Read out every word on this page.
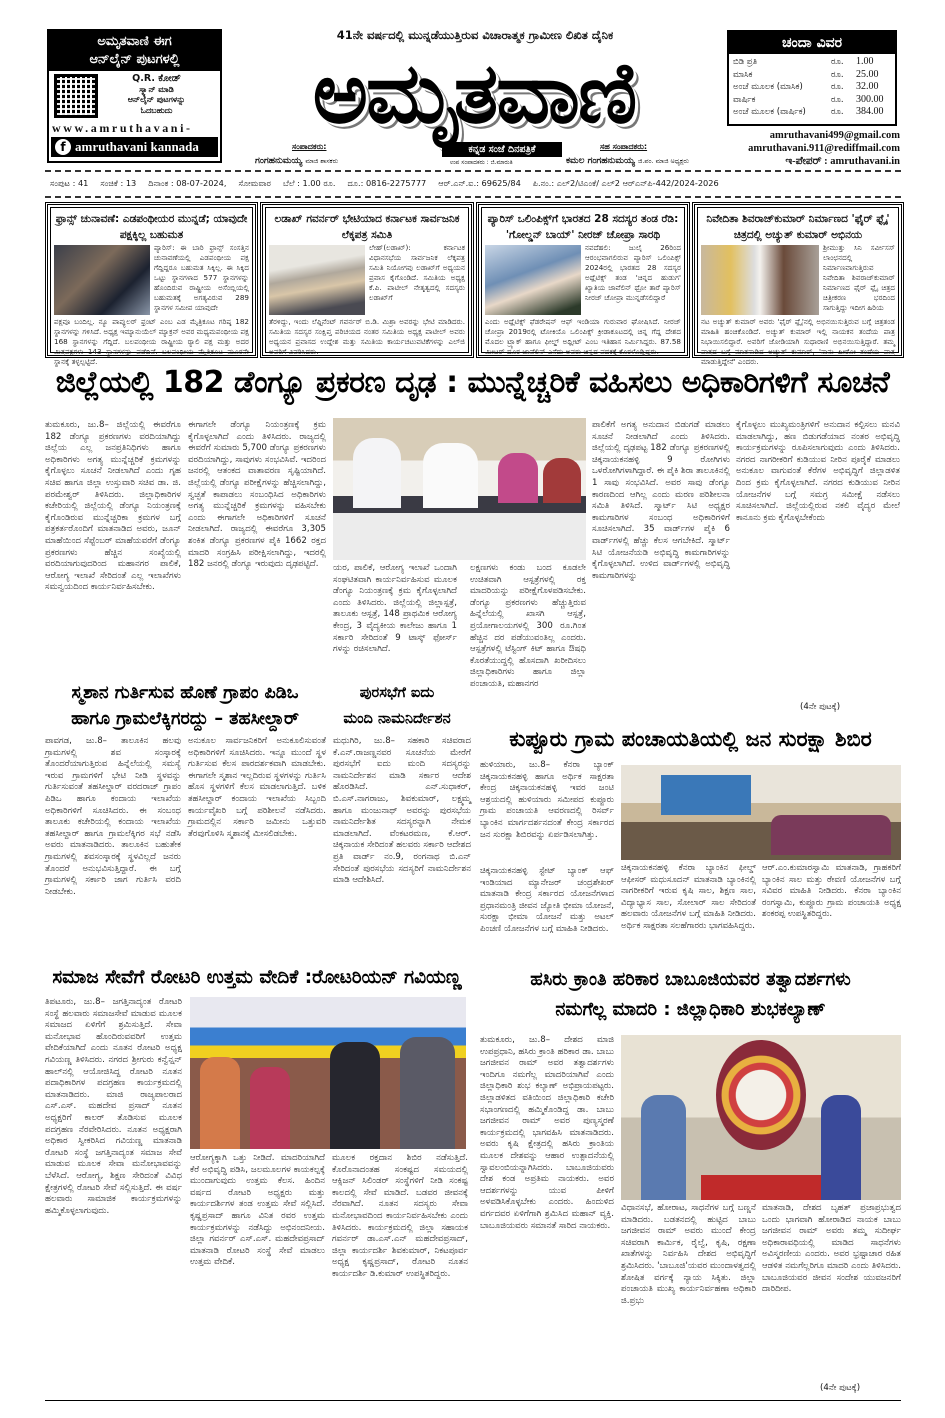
ಅಮೃತವಾಣಿ ಈಗ
ಆನ್‌ಲೈನ್ ಪುಟಗಳಲ್ಲಿ
Q.R. ಕೋಡ್
ಸ್ಕ್ಯಾನ್ ಮಾಡಿ
ಆನ್‌ಲೈನ್ ಪುಟಗಳನ್ನು
ಓದಬಹುದು
www.amruthavani-
f amruthavani kannada
41ನೇ ವರ್ಷದಲ್ಲಿ ಮುನ್ನಡೆಯುತ್ತಿರುವ ವಿಚಾರಾತ್ಮಕ ಗ್ರಾಮೀಣ ಲಿಖಿತ ದೈನಿಕ
ಅಮೃತವಾಣಿ
ಸಂಪಾದಕರು:
ಗಂಗಹನುಮಯ್ಯ ಮಾಜಿ ಶಾಸಕರು
ಕನ್ನಡ ಸಂಜೆ ದಿನಪತ್ರಿಕೆ
ಉಪ ಸಂಪಾದಕರು : ಜಿ.ಮಾರುತಿ
ಸಹ ಸಂಪಾದಕರು:
ಕಮಲ ಗಂಗಹನುಮಯ್ಯ ಜಿ.ಪಂ. ಮಾಜಿ ಅಧ್ಯಕ್ಷರು
ಚಂದಾ ವಿವರ
ಬಿಡಿ ಪ್ರತಿ	ರೂ.	1.00
ಮಾಸಿಕ	ರೂ.	25.00
ಅಂಚೆ ಮೂಲಕ (ಮಾಸಿಕ)	ರೂ.	32.00
ವಾರ್ಷಿಕ	ರೂ.	300.00
ಅಂಚೆ ಮೂಲಕ (ವಾರ್ಷಿಕ)	ರೂ.	384.00
amruthavani499@gmail.com
amruthavani.911@rediffmail.com
ಇ-ಪೇಪರ್ : amruthavani.in
ಸಂಪುಟ : 41 ಸಂಚಿಕೆ : 13 ದಿನಾಂಕ : 08-07-2024, ಸೋಮವಾರ ಬೆಲೆ : 1.00 ರೂ. ದೂ.: 0816-2275777 ಆರ್.ಎನ್.ಐ.: 69625/84 ಪಿ.ನಂ.: ಎಲ್2/ಟಿಎಂಕೆ/ ಎಲ್2 ಆರ್‌ಎನ್‌ಪಿ-442/2024-2026
ಫ್ರಾನ್ಸ್ ಚುನಾವಣೆ: ಎಡಪಂಥೀಯರ ಮುನ್ನಡೆ; ಯಾವುದೇ ಪಕ್ಷಕ್ಕಿಲ್ಲ ಬಹುಮತ
ಪ್ಯಾರಿಸ್: ಈ ಬಾರಿ ಫ್ರಾನ್ಸ್ ಸಂಸತ್ತಿನ ಚುನಾವಣೆಯಲ್ಲಿ ಎಡಪಂಥೀಯ ಪಕ್ಷ ಗೆದ್ದಿದ್ದರೂ ಬಹುಮತ ಸಿಕ್ಕಿಲ್ಲ. ಈ ಸಿಕ್ಕಿದ ಒಟ್ಟು ಸ್ಥಾನಗಳಾದ 577 ಸ್ಥಾನಗಳನ್ನು ಹೊಂದಿರುವ ರಾಷ್ಟ್ರೀಯ ಅಸೆಂಬ್ಲಿಯಲ್ಲಿ ಬಹುಮತಕ್ಕೆ ಅಗತ್ಯವಿರುವ 289 ಸ್ಥಾನಗಳ ಸಮೀಪ ಯಾವುದೇ
ಪಕ್ಷವೂ ಬಂದಿಲ್ಲ. ನ್ಯೂ ಪಾಪ್ಯುಲರ್ ಫ್ರಂಟ್ ಎಂಬ ಎಡ ಮೈತ್ರಿಕೂಟ ಗರಿಷ್ಠ 182 ಸ್ಥಾನಗಳನ್ನು ಗಳಿಸಿದೆ. ಅಧ್ಯಕ್ಷ ಇಮ್ಯಾನುಯೆಲ್ ಮ್ಯಾಕ್ರನ್ ಅವರ ಮಧ್ಯಮಪಂಥೀಯ ಪಕ್ಷ 168 ಸ್ಥಾನಗಳನ್ನು ಗೆದ್ದಿದೆ. ಬಲಪಂಥೀಯ ರಾಷ್ಟ್ರೀಯ ರ್‍ಯಾಲಿ ಪಕ್ಷ ಮತ್ತು ಅದರ ಮಿತ್ರಪಕ್ಷಗಳು 143 ಸ್ಥಾನಗಳನ್ನು ಪಡೆದಿವೆ. ಬಲಪಂಥೀಯ ಮೈತ್ರಿಕೂಟ ಮೂರನೇ ಸ್ಥಾನಕ್ಕೆ ತಳ್ಳಲ್ಪಟ್ಟಿದೆ.
ಲಡಾಖ್ ಗವರ್ನರ್ ಭೇಟಿಯಾದ ಕರ್ನಾಟಕ ಸಾರ್ವಜನಿಕ ಲೆಕ್ಕಪತ್ರ ಸಮಿತಿ
ಲೇಹ್(ಲಡಾಖ್): ಕರ್ನಾಟಕ ವಿಧಾನಸಭೆಯ ಸಾರ್ವಜನಿಕ ಲೆಕ್ಕಪತ್ರ ಸಮಿತಿ ನಿಯೋಗವು ಲಡಾಖ್‌ಗೆ ಅಧ್ಯಯನ ಪ್ರವಾಸ ಕೈಗೊಂಡಿದೆ. ಸಮಿತಿಯ ಅಧ್ಯಕ್ಷ ಕೆ.ಪಿ. ಪಾಟೀಲ್ ನೇತೃತ್ವದಲ್ಲಿ ಸದಸ್ಯರು ಲಡಾಖ್‌ಗೆ
ತೆರಳಿದ್ದು, ಇಂದು ಲೆಫ್ಟಿನೆಂಟ್ ಗವರ್ನರ್ ಬಿ.ಡಿ. ಮಿಶ್ರಾ ಅವರನ್ನು ಭೇಟಿ ಮಾಡಿದರು. ಸಮಿತಿಯ ಸದಸ್ಯರ ಸಂಕ್ಷಿಪ್ತ ಪರಿಚಯದ ನಂತರ ಸಮಿತಿಯ ಅಧ್ಯಕ್ಷ ಪಾಟೀಲ್ ಅವರು ಅಧ್ಯಯನ ಪ್ರವಾಸದ ಉದ್ದೇಶ ಮತ್ತು ಸಮಿತಿಯ ಕಾರ್ಯಚಟುವಟಿಕೆಗಳನ್ನು ಎಲ್‌ಜಿ ಅವರಿಗೆ ವಿವರಿಸಿದರು.
ಪ್ಯಾರಿಸ್ ಒಲಿಂಪಿಕ್ಸ್‌ಗೆ ಭಾರತದ 28 ಸದಸ್ಯರ ತಂಡ ರೆಡಿ: 'ಗೋಲ್ಡನ್ ಬಾಯ್' ನೀರಜ್ ಚೋಪ್ರಾ ಸಾರಥಿ
ನವದೆಹಲಿ: ಜುಲೈ 26ರಿಂದ ಆರಂಭವಾಗಲಿರುವ ಪ್ಯಾರಿಸ್ ಒಲಿಂಪಿಕ್ಸ್ 2024ರಲ್ಲಿ ಭಾರತದ 28 ಸದಸ್ಯರ ಅಥ್ಲೆಟಿಕ್ಸ್ ತಂಡ 'ಚಿನ್ನದ ಹುಡುಗ' ಖ್ಯಾತಿಯ ಜಾವೆಲಿನ್ ಥ್ರೋ ತಾರೆ ಪ್ಯಾರಿಸ್ ನೀರಜ್ ಚೋಪ್ರಾ ಮುನ್ನಡೆಸಲಿದ್ದಾರೆ
ಎಂದು ಅಥ್ಲೆಟಿಕ್ಸ್ ಫೆಡರೇಷನ್ ಆಫ್ ಇಂಡಿಯಾ ಗುರುವಾರ ಘೋಷಿಸಿದೆ. ನೀರಜ್ ಚೋಪ್ರಾ 2019ರಲ್ಲಿ ಟೋಕಿಯೊ ಒಲಿಂಪಿಕ್ಸ್ ಕ್ರೀಡಾಕೂಟದಲ್ಲಿ ಚಿನ್ನ ಗೆದ್ದ ದೇಶದ ಮೊದಲ ಟ್ರ್ಯಾಕ್ ಹಾಗೂ ಫೀಲ್ಡ್ ಅಥ್ಲೀಟ್ ಎಂಬ ಇತಿಹಾಸ ನಿರ್ಮಿಸಿದ್ದರು. 87.58 ಮೀಟರ್ ದೂರ ಜಾವೆಲಿನ್ ಎಸೆದು ಅವರು ಚಿನ್ನದ ಪದಕಕ್ಕೆ ಕೊರಳೊಡ್ಡಿದ್ದರು.
ನಿವೇದಿತಾ ಶಿವರಾಜ್‌ಕುಮಾರ್ ನಿರ್ಮಾಣದ 'ಫೈರ್ ಫ್ಲೈ' ಚಿತ್ರದಲ್ಲಿ ಅಚ್ಯುತ್ ಕುಮಾರ್ ಅಭಿನಯ
ಶ್ರೀಮುತ್ತು ಸಿನಿ ಸರ್ವೀಸಸ್ ಲಾಂಛನದಲ್ಲಿ ನಿರ್ಮಾಣವಾಗುತ್ತಿರುವ ನಿವೇದಿತಾ ಶಿವರಾಜ್‌ಕುಮಾರ್ ನಿರ್ಮಾಣದ ಫೈರ್ ಫ್ಲೈ ಚಿತ್ರದ ಚಿತ್ರೀಕರಣ ಭರದಿಂದ ಸಾಗುತ್ತಿದ್ದು ಇದೀಗ ಹಿರಿಯ
ನಟ ಅಚ್ಯುತ್ ಕುಮಾರ್ ಅವರು 'ಫೈರ್ ಫ್ಲೈ'ನಲ್ಲಿ ಅಭಿನಯಿಸುತ್ತಿರುವ ಬಗ್ಗೆ ಚಿತ್ರತಂಡ ಮಾಹಿತಿ ಹಂಚಿಕೊಂಡಿದೆ. ಅಚ್ಯುತ್ ಕುಮಾರ್ ಇಲ್ಲಿ ನಾಯಕನ ತಂದೆಯ ಪಾತ್ರ ನಿಭಾಯಿಸಲಿದ್ದಾರೆ. ಅವರಿಗೆ ಜೋಡಿಯಾಗಿ ಸುಧಾರಾಣಿ ಅಭಿನಯಿಸುತ್ತಿದ್ದಾರೆ. ತಮ್ಮ ಪಾತ್ರದ ಬಗ್ಗೆ ಮಾತನಾಡಿದ ಅಚ್ಯುತ್ ಕುಮಾರ್, 'ನಾನು ಹೀರೋ ತಂದೆಯ ಪಾತ್ರ ಮಾಡುತ್ತಿದ್ದೇನೆ' ಎಂದರು.
ಜಿಲ್ಲೆಯಲ್ಲಿ 182 ಡೆಂಗ್ಯೂ ಪ್ರಕರಣ ದೃಢ : ಮುನ್ನೆಚ್ಚರಿಕೆ ವಹಿಸಲು ಅಧಿಕಾರಿಗಳಿಗೆ ಸೂಚನೆ
ತುಮಕೂರು, ಜು.8– ಜಿಲ್ಲೆಯಲ್ಲಿ ಈವರೆಗೂ 182 ಡೆಂಗ್ಯೂ ಪ್ರಕರಣಗಳು ವರದಿಯಾಗಿದ್ದು ಜಿಲ್ಲೆಯ ಎಲ್ಲ ಜನಪ್ರತಿನಿಧಿಗಳು ಹಾಗೂ ಅಧಿಕಾರಿಗಳು ಅಗತ್ಯ ಮುನ್ನೆಚ್ಚರಿಕೆ ಕ್ರಮಗಳನ್ನು ಕೈಗೊಳ್ಳಲು ಸೂಚನೆ ನೀಡಲಾಗಿದೆ ಎಂದು ಗೃಹ ಸಚಿವ ಹಾಗೂ ಜಿಲ್ಲಾ ಉಸ್ತುವಾರಿ ಸಚಿವ ಡಾ. ಜಿ. ಪರಮೇಶ್ವರ್ ತಿಳಿಸಿದರು. ಜಿಲ್ಲಾಧಿಕಾರಿಗಳ ಕಚೇರಿಯಲ್ಲಿ ಜಿಲ್ಲೆಯಲ್ಲಿ ಡೆಂಗ್ಯೂ ನಿಯಂತ್ರಣಕ್ಕೆ ಕೈಗೊಂಡಿರುವ ಮುನ್ನೆಚ್ಚರಿಕಾ ಕ್ರಮಗಳ ಬಗ್ಗೆ ಪತ್ರಕರ್ತರೊಂದಿಗೆ ಮಾತನಾಡಿದ ಅವರು, ಜೂನ್ ಮಾಹೆಯಿಂದ ಸೆಪ್ಟೆಂಬರ್ ಮಾಹೆಯವರೆಗೆ ಡೆಂಗ್ಯೂ ಪ್ರಕರಣಗಳು ಹೆಚ್ಚಿನ ಸಂಖ್ಯೆಯಲ್ಲಿ ವರದಿಯಾಗುವುದರಿಂದ ಮಹಾನಗರ ಪಾಲಿಕೆ, ಆರೋಗ್ಯ ಇಲಾಖೆ ಸೇರಿದಂತೆ ಎಲ್ಲ ಇಲಾಖೆಗಳು ಸಮನ್ವಯದಿಂದ ಕಾರ್ಯನಿರ್ವಹಿಸಬೇಕು.
ಈಗಾಗಲೇ ಡೆಂಗ್ಯೂ ನಿಯಂತ್ರಣಕ್ಕೆ ಕ್ರಮ ಕೈಗೊಳ್ಳಲಾಗಿದೆ ಎಂದು ತಿಳಿಸಿದರು. ರಾಜ್ಯದಲ್ಲಿ ಈವರೆಗೆ ಸುಮಾರು 5,700 ಡೆಂಗ್ಯೂ ಪ್ರಕರಣಗಳು ವರದಿಯಾಗಿದ್ದು, ಸಾವುಗಳು ಸಂಭವಿಸಿವೆ. ಇದರಿಂದ ಜನರಲ್ಲಿ ಆತಂಕದ ವಾತಾವರಣ ಸೃಷ್ಟಿಯಾಗಿದೆ. ಜಿಲ್ಲೆಯಲ್ಲಿ ಡೆಂಗ್ಯೂ ಪರೀಕ್ಷೆಗಳನ್ನು ಹೆಚ್ಚಿಸಲಾಗಿದ್ದು, ಸ್ವಚ್ಛತೆ ಕಾಪಾಡಲು ಸಂಬಂಧಿಸಿದ ಅಧಿಕಾರಿಗಳು ಅಗತ್ಯ ಮುನ್ನೆಚ್ಚರಿಕೆ ಕ್ರಮಗಳನ್ನು ವಹಿಸಬೇಕು ಎಂದು ಈಗಾಗಲೇ ಅಧಿಕಾರಿಗಳಿಗೆ ಸೂಚನೆ ನೀಡಲಾಗಿದೆ. ರಾಜ್ಯದಲ್ಲಿ ಈವರೆಗೂ 3,305 ಶಂಕಿತ ಡೆಂಗ್ಯೂ ಪ್ರಕರಣಗಳ ಪೈಕಿ 1662 ರಕ್ತದ ಮಾದರಿ ಸಂಗ್ರಹಿಸಿ ಪರೀಕ್ಷಿಸಲಾಗಿದ್ದು, ಇದರಲ್ಲಿ 182 ಜನರಲ್ಲಿ ಡೆಂಗ್ಯೂ ಇರುವುದು ದೃಢಪಟ್ಟಿದೆ.	ಯರ, ಪಾಲಿಕೆ, ಆರೋಗ್ಯ ಇಲಾಖೆ ಒಂದಾಗಿ ಸಂಘಟಿತವಾಗಿ ಕಾರ್ಯನಿರ್ವಹಿಸುವ ಮೂಲಕ ಡೆಂಗ್ಯೂ ನಿಯಂತ್ರಣಕ್ಕೆ ಕ್ರಮ ಕೈಗೊಳ್ಳಲಾಗಿದೆ ಎಂದು ತಿಳಿಸಿದರು. ಜಿಲ್ಲೆಯಲ್ಲಿ ಜಿಲ್ಲಾಸ್ಪತ್ರೆ, ತಾಲೂಕು ಆಸ್ಪತ್ರೆ, 148 ಪ್ರಾಥಮಿಕ ಆರೋಗ್ಯ ಕೇಂದ್ರ, 3 ವೈದ್ಯಕೀಯ ಕಾಲೇಜು ಹಾಗೂ 1 ಸರ್ಕಾರಿ ಸೇರಿದಂತೆ 9 ಟಾಸ್ಕ್ ಫೋರ್ಸ್ ಗಳನ್ನು ರಚಿಸಲಾಗಿದೆ.
ಲಕ್ಷಣಗಳು ಕಂಡು ಬಂದ ಕೂಡಲೇ ಉಚಿತವಾಗಿ ಆಸ್ಪತ್ರೆಗಳಲ್ಲಿ ರಕ್ತ ಮಾದರಿಯನ್ನು ಪರೀಕ್ಷೆಗೊಳಪಡಿಸಬೇಕು. ಡೆಂಗ್ಯೂ ಪ್ರಕರಣಗಳು ಹೆಚ್ಚುತ್ತಿರುವ ಹಿನ್ನೆಲೆಯಲ್ಲಿ ಖಾಸಗಿ ಆಸ್ಪತ್ರೆ, ಪ್ರಯೋಗಾಲಯಗಳಲ್ಲಿ 300 ರೂ.ಗಿಂತ ಹೆಚ್ಚಿನ ದರ ಪಡೆಯುವಂತಿಲ್ಲ ಎಂದರು. ಆಸ್ಪತ್ರೆಗಳಲ್ಲಿ ಟೆಸ್ಟಿಂಗ್ ಕಿಟ್ ಹಾಗೂ ಔಷಧಿ ಕೊರತೆಯುದ್ದಲ್ಲಿ ಹೊಸದಾಗಿ ಖರೀದಿಸಲು ಜಿಲ್ಲಾಧಿಕಾರಿಗಳು ಹಾಗೂ ಜಿಲ್ಲಾ ಪಂಚಾಯತಿ, ಮಹಾನಗರ
ಪಾಲಿಕೆಗೆ ಅಗತ್ಯ ಅನುದಾನ ಬಿಡುಗಡೆ ಮಾಡಲು ಸೂಚನೆ ನೀಡಲಾಗಿದೆ ಎಂದು ತಿಳಿಸಿದರು. ಜಿಲ್ಲೆಯಲ್ಲಿ ದೃಢಪಟ್ಟ 182 ಡೆಂಗ್ಯೂ ಪ್ರಕರಣಗಳಲ್ಲಿ ಚಿಕ್ಕನಾಯಕನಹಳ್ಳಿ 9 ರೋಗಿಗಳು ಒಳರೋಗಿಗಳಾಗಿದ್ದಾರೆ. ಈ ಪೈಕಿ ಶಿರಾ ತಾಲೂಕಿನಲ್ಲಿ 1 ಸಾವು ಸಂಭವಿಸಿದೆ. ಅವರ ಸಾವು ಡೆಂಗ್ಯೂ ಕಾರಣದಿಂದ ಆಗಿಲ್ಲ ಎಂದು ಮರಣ ಪರಿಶೀಲನಾ ಸಮಿತಿ ತಿಳಿಸಿದೆ. ಸ್ಮಾರ್ಟ್ ಸಿಟಿ ಅಧ್ಯಕ್ಷರ ಕಾಮಗಾರಿಗಳ ಸಂಬಂಧ ಅಧಿಕಾರಿಗಳಿಗೆ ಸೂಚಿಸಲಾಗಿದೆ. 35 ವಾರ್ಡ್‌ಗಳ ಪೈಕಿ 6 ವಾರ್ಡ್‌ಗಳಲ್ಲಿ ಹೆಚ್ಚು ಕೆಲಸ ಆಗಬೇಕಿದೆ. ಸ್ಮಾರ್ಟ್ ಸಿಟಿ ಯೋಜನೆಯಡಿ ಅಭಿವೃದ್ಧಿ ಕಾಮಗಾರಿಗಳನ್ನು ಕೈಗೊಳ್ಳಲಾಗಿದೆ. ಉಳಿದ ವಾರ್ಡ್‌ಗಳಲ್ಲಿ ಅಭಿವೃದ್ಧಿ ಕಾಮಗಾರಿಗಳನ್ನು
ಕೈಗೊಳ್ಳಲು ಮುಖ್ಯಮಂತ್ರಿಗಳಿಗೆ ಅನುದಾನ ಕಲ್ಪಿಸಲು ಮನವಿ ಮಾಡಲಾಗಿದ್ದು, ಹಣ ಬಿಡುಗಡೆಯಾದ ನಂತರ ಅಭಿವೃದ್ಧಿ ಕಾರ್ಯಕ್ರಮಗಳನ್ನು ರೂಪಿಸಲಾಗುವುದು ಎಂದು ತಿಳಿಸಿದರು. ನಗರದ ನಾಗರೀಕರಿಗೆ ಕುಡಿಯುವ ನೀರಿನ ಪೂರೈಕೆ ಮಾಡಲು ಅನುಕೂಲ ವಾಗುವಂತೆ ಕೆರೆಗಳ ಅಭಿವೃದ್ಧಿಗೆ ಜಿಲ್ಲಾಡಳಿತ ದಿಂದ ಕ್ರಮ ಕೈಗೊಳ್ಳಲಾಗಿದೆ. ನಗರದ ಕುಡಿಯುವ ನೀರಿನ ಯೋಜನೆಗಳ ಬಗ್ಗೆ ಸಮಗ್ರ ಸಮೀಕ್ಷೆ ನಡೆಸಲು ಸೂಚಿಸಲಾಗಿದೆ. ಜಿಲ್ಲೆಯಲ್ಲಿರುವ ನಕಲಿ ವೈದ್ಯರ ಮೇಲೆ ಕಾನೂನು ಕ್ರಮ ಕೈಗೊಳ್ಳಬೇಕೆಂದು
(4ನೇ ಪುಟಕ್ಕೆ)
ಸ್ಮಶಾನ ಗುರ್ತಿಸುವ ಹೊಣೆ ಗ್ರಾಪಂ ಪಿಡಿಒ
ಹಾಗೂ ಗ್ರಾಮಲೆಕ್ಕಿಗರದ್ದು – ತಹಸೀಲ್ದಾರ್
ಪಾವಗಡ, ಜು.8– ತಾಲೂಕಿನ ಹಲವು ಗ್ರಾಮಗಳಲ್ಲಿ ಶವ ಸಂಸ್ಕಾರಕ್ಕೆ ತೊಂದರೆಯಾಗುತ್ತಿರುವ ಹಿನ್ನೆಲೆಯಲ್ಲಿ ಸಮಸ್ಯೆ ಇರುವ ಗ್ರಾಮಗಳಿಗೆ ಭೇಟಿ ನೀಡಿ ಸ್ಥಳವನ್ನು ಗುರ್ತಿಸುವಂತೆ ತಹಸೀಲ್ದಾರ್ ವರದರಾಜ್ ಗ್ರಾಪಂ ಪಿಡಿಒ ಹಾಗೂ ಕಂದಾಯ ಇಲಾಖೆಯ ಅಧಿಕಾರಿಗಳಿಗೆ ಸೂಚಿಸಿದರು. ಈ ಸಂಬಂಧ ತಾಲೂಕು ಕಚೇರಿಯಲ್ಲಿ ಕಂದಾಯ ಇಲಾಖೆಯ ತಹಸೀಲ್ದಾರ್ ಹಾಗೂ ಗ್ರಾಮಲೆಕ್ಕಿಗರ ಸಭೆ ನಡೆಸಿ ಅವರು ಮಾತನಾಡಿದರು. ತಾಲೂಕಿನ ಬಹುತೇಕ ಗ್ರಾಮಗಳಲ್ಲಿ ಶವಸಂಸ್ಕಾರಕ್ಕೆ ಸ್ಥಳವಿಲ್ಲದೆ ಜನರು ತೊಂದರೆ ಅನುಭವಿಸುತ್ತಿದ್ದಾರೆ. ಈ ಬಗ್ಗೆ ಗ್ರಾಮಗಳಲ್ಲಿ ಸರ್ಕಾರಿ ಜಾಗ ಗುರ್ತಿಸಿ ವರದಿ ನೀಡಬೇಕು.
ಅನುಕೂಲ ಸಾರ್ವಜನಿಕರಿಗೆ ಅನುಕೂಲಿಸುವಂತೆ ಅಧಿಕಾರಿಗಳಿಗೆ ಸೂಚಿಸಿದರು. ಇನ್ನೂ ಮುಂದೆ ಸ್ಥಳ ಗುರ್ತಿಸುವ ಕೆಲಸ ಪಾರದರ್ಶಕವಾಗಿ ಮಾಡಬೇಕು. ಈಗಾಗಲೇ ಸ್ಮಶಾನ ಇಲ್ಲದಿರುವ ಸ್ಥಳಗಳನ್ನು ಗುರ್ತಿಸಿ ಹೊಸ ಸ್ಥಳಗಳಿಗೆ ಕೆಲಸ ಮಾಡಲಾಗುತ್ತಿದೆ. ಬಳಿಕ ತಹಸೀಲ್ದಾರ್ ಕಂದಾಯ ಇಲಾಖೆಯ ಸಿಬ್ಬಂದಿ ಕಾರ್ಯವೈಖರಿ ಬಗ್ಗೆ ಪರಿಶೀಲನೆ ನಡೆಸಿದರು. ಗ್ರಾಮದಲ್ಲಿನ ಸರ್ಕಾರಿ ಜಮೀನು ಒತ್ತುವರಿ ತೆರವುಗೊಳಿಸಿ ಸ್ಮಶಾನಕ್ಕೆ ಮೀಸಲಿಡಬೇಕು.
ಪುರಸಭೆಗೆ ಐದು
ಮಂದಿ ನಾಮನಿರ್ದೇಶನ
ಮಧುಗಿರಿ, ಜು.8– ಸಹಕಾರಿ ಸಚಿವರಾದ ಕೆ.ಎನ್.ರಾಜಣ್ಣನವರ ಸೂಚನೆಯ ಮೇರೆಗೆ ಪುರಸಭೆಗೆ ಐದು ಮಂದಿ ಸದಸ್ಯರನ್ನು ನಾಮನಿರ್ದೇಶನ ಮಾಡಿ ಸರ್ಕಾರ ಆದೇಶ ಹೊರಡಿಸಿದೆ. ಎನ್.ಸುಧಾಕರ್, ಬಿ.ಎಸ್.ನಾಗರಾಜು, ಶಿವಕುಮಾರ್, ಲಕ್ಷ್ಮಮ್ಮ ಹಾಗೂ ಮಂಜುನಾಥ್ ಅವರನ್ನು ಪುರಸಭೆಯ ನಾಮನಿರ್ದೇಶಿತ ಸದಸ್ಯರನ್ನಾಗಿ ನೇಮಕ ಮಾಡಲಾಗಿದೆ. ವೆಂಕಟರಮಣ, ಕೆ.ಆರ್. ಚಿಕ್ಕನಾಯಕ ಸೇರಿದಂತೆ ಹಲವರು ಸರ್ಕಾರಿ ಆದೇಶದ ಪ್ರತಿ ವಾರ್ಡ್ ನಂ.9, ರಂಗನಾಥ ಬಿ.ಎನ್ ಸೇರಿದಂತೆ ಪುರಸಭೆಯ ಸದಸ್ಯರಿಗೆ ನಾಮನಿರ್ದೇಶನ ಮಾಡಿ ಆದೇಶಿಸಿದೆ.
ಕುಪ್ಪೂರು ಗ್ರಾಮ ಪಂಚಾಯತಿಯಲ್ಲಿ ಜನ ಸುರಕ್ಷಾ ಶಿಬಿರ
ಹುಳಿಯಾರು, ಜು.8– ಕೆನರಾ ಬ್ಯಾಂಕ್ ಚಿಕ್ಕನಾಯಕನಹಳ್ಳಿ ಹಾಗೂ ಅರ್ಥಿಕ ಸಾಕ್ಷರತಾ ಕೇಂದ್ರ ಚಿಕ್ಕನಾಯಕನಹಳ್ಳಿ ಇವರ ಜಂಟಿ ಆಶ್ರಯದಲ್ಲಿ ಹುಳಿಯಾರು ಸಮೀಪದ ಕುಪ್ಪೂರು ಗ್ರಾಮ ಪಂಚಾಯತಿ ಆವರಣದಲ್ಲಿ ರಿಸರ್ವ್ ಬ್ಯಾಂಕಿನ ಮಾರ್ಗದರ್ಶನದಂತೆ ಕೇಂದ್ರ ಸರ್ಕಾರದ ಜನ ಸುರಕ್ಷಾ ಶಿಬಿರವನ್ನು ಏರ್ಪಡಿಸಲಾಗಿತ್ತು.
ಚಿಕ್ಕನಾಯಕನಹಳ್ಳಿ ಸ್ಟೇಟ್ ಬ್ಯಾಂಕ್ ಆಫ್ ಇಂಡಿಯಾದ ಮ್ಯಾನೇಜರ್ ಚಂದ್ರಶೇಖರ್ ಮಾತನಾಡಿ ಕೇಂದ್ರ ಸರ್ಕಾರದ ಯೋಜನೆಗಳಾದ ಪ್ರಧಾನಮಂತ್ರಿ ಜೀವನ ಜ್ಯೋತಿ ಭೀಮಾ ಯೋಜನೆ, ಸುರಕ್ಷಾ ಭೀಮಾ ಯೋಜನೆ ಮತ್ತು ಅಟಲ್ ಪಿಂಚಣಿ ಯೋಜನೆಗಳ ಬಗ್ಗೆ ಮಾಹಿತಿ ನೀಡಿದರು.
ಚಿಕ್ಕನಾಯಕನಹಳ್ಳಿ ಕೆನರಾ ಬ್ಯಾಂಕಿನ ಫೀಲ್ಡ್ ಆಫೀಸರ್ ಮಧುಸೂದನ್ ಮಾತನಾಡಿ ಬ್ಯಾಂಕಿನಲ್ಲಿ ನಾಗರೀಕರಿಗೆ ಇರುವ ಕೃಷಿ ಸಾಲ, ಶಿಕ್ಷಣ ಸಾಲ, ವಿದ್ಯಾಭ್ಯಾಸ ಸಾಲ, ಸೋಲಾರ್ ಸಾಲ ಸೇರಿದಂತೆ ಹಲವಾರು ಯೋಜನೆಗಳ ಬಗ್ಗೆ ಮಾಹಿತಿ ನೀಡಿದರು. ಅರ್ಥಿಕ ಸಾಕ್ಷರತಾ ಸಲಹೆಗಾರರು ಭಾಗವಹಿಸಿದ್ದರು.
ಆರ್.ಎಂ.ಕುಮಾರಸ್ವಾಮಿ ಮಾತನಾಡಿ, ಗ್ರಾಹಕರಿಗೆ ಬ್ಯಾಂಕಿನ ಸಾಲ ಮತ್ತು ಠೇವಣಿ ಯೋಜನೆಗಳ ಬಗ್ಗೆ ಸವಿವರ ಮಾಹಿತಿ ನೀಡಿದರು. ಕೆನರಾ ಬ್ಯಾಂಕಿನ ರಂಗಸ್ವಾಮಿ, ಕುಪ್ಪೂರು ಗ್ರಾಮ ಪಂಚಾಯತಿ ಅಧ್ಯಕ್ಷ ಶಂಕರಪ್ಪ ಉಪಸ್ಥಿತರಿದ್ದರು.
ಸಮಾಜ ಸೇವೆಗೆ ರೋಟರಿ ಉತ್ತಮ ವೇದಿಕೆ :ರೋಟರಿಯನ್ ಗವಿಯಣ್ಣ
ತಿಪಟೂರು, ಜು.8– ಜಗತ್ತಿನಾದ್ಯಂತ ರೋಟರಿ ಸಂಸ್ಥೆ ಹಲವಾರು ಸಮಾಜಸೇವೆ ಮಾಡುವ ಮೂಲಕ ಸಮಾಜದ ಏಳಿಗೆಗೆ ಶ್ರಮಿಸುತ್ತಿದೆ. ಸೇವಾ ಮನೋಭಾವ ಹೊಂದಿರುವವರಿಗೆ ಉತ್ತಮ ವೇದಿಕೆಯಾಗಿದೆ ಎಂದು ನೂತನ ರೋಟರಿ ಅಧ್ಯಕ್ಷ ಗವಿಯಣ್ಣ ತಿಳಿಸಿದರು. ನಗರದ ಶ್ರೀಗುರು ಕನ್ವೆನ್ಷನ್ ಹಾಲ್‌ನಲ್ಲಿ ಆಯೋಜಿಸಿದ್ದ ರೋಟರಿ ನೂತನ ಪದಾಧಿಕಾರಿಗಳ ಪದಗ್ರಹಣ ಕಾರ್ಯಕ್ರಮದಲ್ಲಿ ಮಾತನಾಡಿದರು. ಮಾಜಿ ರಾಜ್ಯಪಾಲರಾದ ಎಸ್.ಎಸ್. ಮಹದೇವ ಪ್ರಸಾದ್ ನೂತನ ಅಧ್ಯಕ್ಷರಿಗೆ ಕಾಲರ್ ತೊಡಿಸುವ ಮೂಲಕ ಪದಗ್ರಹಣ ನೆರವೇರಿಸಿದರು. ನೂತನ ಅಧ್ಯಕ್ಷರಾಗಿ ಅಧಿಕಾರ ಸ್ವೀಕರಿಸಿದ ಗವಿಯಣ್ಣ ಮಾತನಾಡಿ ರೋಟರಿ ಸಂಸ್ಥೆ ಜಗತ್ತಿನಾದ್ಯಂತ ಸಮಾಜ ಸೇವೆ ಮಾಡುವ ಮೂಲಕ ಸೇವಾ ಮನೋಭಾವವನ್ನು ಬೆಳೆಸಿದೆ. ಆರೋಗ್ಯ, ಶಿಕ್ಷಣ ಸೇರಿದಂತೆ ವಿವಿಧ ಕ್ಷೇತ್ರಗಳಲ್ಲಿ ರೋಟರಿ ಸೇವೆ ಸಲ್ಲಿಸುತ್ತಿದೆ. ಈ ವರ್ಷ ಹಲವಾರು ಸಾಮಾಜಿಕ ಕಾರ್ಯಕ್ರಮಗಳನ್ನು ಹಮ್ಮಿಕೊಳ್ಳಲಾಗುವುದು.
ಆರೋಗ್ಯಕ್ಕಾಗಿ ಒತ್ತು ನೀಡಿದೆ. ಮಾದರಿಯಾಗಿದೆ ಕೆರೆ ಅಭಿವೃದ್ಧಿ ಪಡಿಸಿ, ಜಲಮೂಲಗಳ ಕಾಯಕಲ್ಪಕ್ಕೆ ಮುಂದಾಗುವುದು ಉತ್ತಮ ಕೆಲಸ. ಹಿಂದಿನ ವರ್ಷದ ರೋಟರಿ ಅಧ್ಯಕ್ಷರು ಮತ್ತು ಕಾರ್ಯದರ್ಶಿಗಳ ತಂಡ ಉತ್ತಮ ಸೇವೆ ಸಲ್ಲಿಸಿದೆ. ಕೃಷ್ಣಪ್ರಸಾದ್ ಹಾಗೂ ವಿನಿತ ರವರ ಉತ್ತಮ ಕಾರ್ಯಕ್ರಮಗಳನ್ನು ನಡೆಸಿದ್ದು ಅಭಿನಂದನೀಯ. ಜಿಲ್ಲಾ ಗವರ್ನರ್ ಎಸ್.ಎಸ್. ಮಹದೇವಪ್ರಸಾದ್ ಮಾತನಾಡಿ ರೋಟರಿ ಸಂಸ್ಥೆ ಸೇವೆ ಮಾಡಲು ಉತ್ತಮ ವೇದಿಕೆ.
ಮೂಲಕ ರಕ್ತದಾನ ಶಿಬಿರ ನಡೆಸುತ್ತಿದೆ. ಕೊರೊನಾದಂತಹ ಸಂಕಷ್ಟದ ಸಮಯದಲ್ಲಿ ಆಕ್ಸಿಜನ್ ಸಿಲಿಂಡರ್ ಸಂಸ್ಥೆಗಳಿಗೆ ನೀಡಿ ಸಂಕಷ್ಟ ಕಾಲದಲ್ಲಿ ಸೇವೆ ಮಾಡಿದೆ. ಬಡವರ ಜೀವನಕ್ಕೆ ನೆರವಾಗಿದೆ. ನೂತನ ಸದಸ್ಯರು ಸೇವಾ ಮನೋಭಾವದಿಂದ ಕಾರ್ಯನಿರ್ವಹಿಸಬೇಕು ಎಂದು ತಿಳಿಸಿದರು. ಕಾರ್ಯಕ್ರಮದಲ್ಲಿ ಜಿಲ್ಲಾ ಸಹಾಯಕ ಗವರ್ನರ್ ಡಾ.ಎಸ್.ಎನ್ ಮಹದೇವಪ್ರಸಾದ್, ಜಿಲ್ಲಾ ಕಾರ್ಯದರ್ಶಿ ಶಿವಕುಮಾರ್, ನಿಕಟಪೂರ್ವ ಅಧ್ಯಕ್ಷ ಕೃಷ್ಣಪ್ರಸಾದ್, ರೋಟರಿ ನೂತನ ಕಾರ್ಯದರ್ಶಿ ಡಿ.ಕುಮಾರ್ ಉಪಸ್ಥಿತರಿದ್ದರು.
ಹಸಿರು ಕ್ರಾಂತಿ ಹರಿಕಾರ ಬಾಬೂಜಿಯವರ ತತ್ವಾದರ್ಶಗಳು
ನಮಗೆಲ್ಲ ಮಾದರಿ : ಜಿಲ್ಲಾಧಿಕಾರಿ ಶುಭಕಲ್ಯಾಣ್
ತುಮಕೂರು, ಜು.8– ದೇಶದ ಮಾಜಿ ಉಪಪ್ರಧಾನಿ, ಹಸಿರು ಕ್ರಾಂತಿ ಹರಿಕಾರ ಡಾ. ಬಾಬು ಜಗಜೀವನ ರಾಮ್ ಅವರ ತತ್ವಾದರ್ಶಗಳು ಇಂದಿಗೂ ನಮಗೆಲ್ಲ ಮಾದರಿಯಾಗಿವೆ ಎಂದು ಜಿಲ್ಲಾಧಿಕಾರಿ ಶುಭ ಕಲ್ಯಾಣ್ ಅಭಿಪ್ರಾಯಪಟ್ಟರು. ಜಿಲ್ಲಾಡಳಿತದ ವತಿಯಿಂದ ಜಿಲ್ಲಾಧಿಕಾರಿ ಕಚೇರಿ ಸಭಾಂಗಣದಲ್ಲಿ ಹಮ್ಮಿಕೊಂಡಿದ್ದ ಡಾ. ಬಾಬು ಜಗಜೀವನ ರಾಮ್ ಅವರ ಪುಣ್ಯಸ್ಮರಣೆ ಕಾರ್ಯಕ್ರಮದಲ್ಲಿ ಭಾಗವಹಿಸಿ ಮಾತನಾಡಿದರು. ಅವರು ಕೃಷಿ ಕ್ಷೇತ್ರದಲ್ಲಿ ಹಸಿರು ಕ್ರಾಂತಿಯ ಮೂಲಕ ದೇಶವನ್ನು ಆಹಾರ ಉತ್ಪಾದನೆಯಲ್ಲಿ ಸ್ವಾವಲಂಬಿಯನ್ನಾಗಿಸಿದರು. ಬಾಬೂಜಿಯವರು ದೇಶ ಕಂಡ ಅಪ್ರತಿಮ ನಾಯಕರು. ಅವರ ಆದರ್ಶಗಳನ್ನು ಯುವ ಪೀಳಿಗೆ ಅಳವಡಿಸಿಕೊಳ್ಳಬೇಕು ಎಂದರು. ಹಿಂದುಳಿದ ವರ್ಗದವರ ಏಳಿಗೆಗಾಗಿ ಶ್ರಮಿಸಿದ ಮಹಾನ್ ವ್ಯಕ್ತಿ. ಬಾಬೂಜಿಯವರು ಸಮಾನತೆ ಸಾರಿದ ನಾಯಕರು.
ವಿಧಾನಸಭೆ, ಹೋರಾಟ, ಸಾಧನೆಗಳ ಬಗ್ಗೆ ಬಣ್ಣನೆ ಮಾಡಿದರು. ಬಡತನದಲ್ಲಿ ಹುಟ್ಟಿದ ಬಾಬು ಜಗಜೀವನ ರಾಮ್ ಅವರು ಮುಂದೆ ಕೇಂದ್ರ ಸಚಿವರಾಗಿ ಕಾರ್ಮಿಕ, ರೈಲ್ವೆ, ಕೃಷಿ, ರಕ್ಷಣಾ ಖಾತೆಗಳನ್ನು ನಿರ್ವಹಿಸಿ ದೇಶದ ಅಭಿವೃದ್ಧಿಗೆ ಶ್ರಮಿಸಿದರು. 'ಬಾಬೂಜಿ'ಯವರ ಮುಂದಾಳತ್ವದಲ್ಲಿ ಶೋಷಿತ ವರ್ಗಕ್ಕೆ ನ್ಯಾಯ ಸಿಕ್ಕಿತು. ಜಿಲ್ಲಾ ಪಂಚಾಯತಿ ಮುಖ್ಯ ಕಾರ್ಯನಿರ್ವಹಣಾ ಅಧಿಕಾರಿ ಜಿ.ಪ್ರಭು
ಮಾತನಾಡಿ, ದೇಶದ ಬೃಹತ್ ಪ್ರಜಾಪ್ರಭುತ್ವದ ಒಂದು ಭಾಗವಾಗಿ ಹೋರಾಡಿದ ನಾಯಕ ಬಾಬು ಜಗಜೀವನ ರಾಮ್ ಅವರು ತಮ್ಮ ಸುದೀರ್ಘ ಅಧಿಕಾರಾವಧಿಯಲ್ಲಿ ಮಾಡಿದ ಸಾಧನೆಗಳು ಅವಿಸ್ಮರಣೀಯ ಎಂದರು. ಅವರ ಭ್ರಷ್ಟಾಚಾರ ರಹಿತ ಆಡಳಿತ ನಮಗೆಲ್ಲರಿಗೂ ಮಾದರಿ ಎಂದು ತಿಳಿಸಿದರು. ಬಾಬೂಜಿಯವರ ಜೀವನ ಸಂದೇಶ ಯುವಜನರಿಗೆ ದಾರಿದೀಪ.
(4ನೇ ಪುಟಕ್ಕೆ)
